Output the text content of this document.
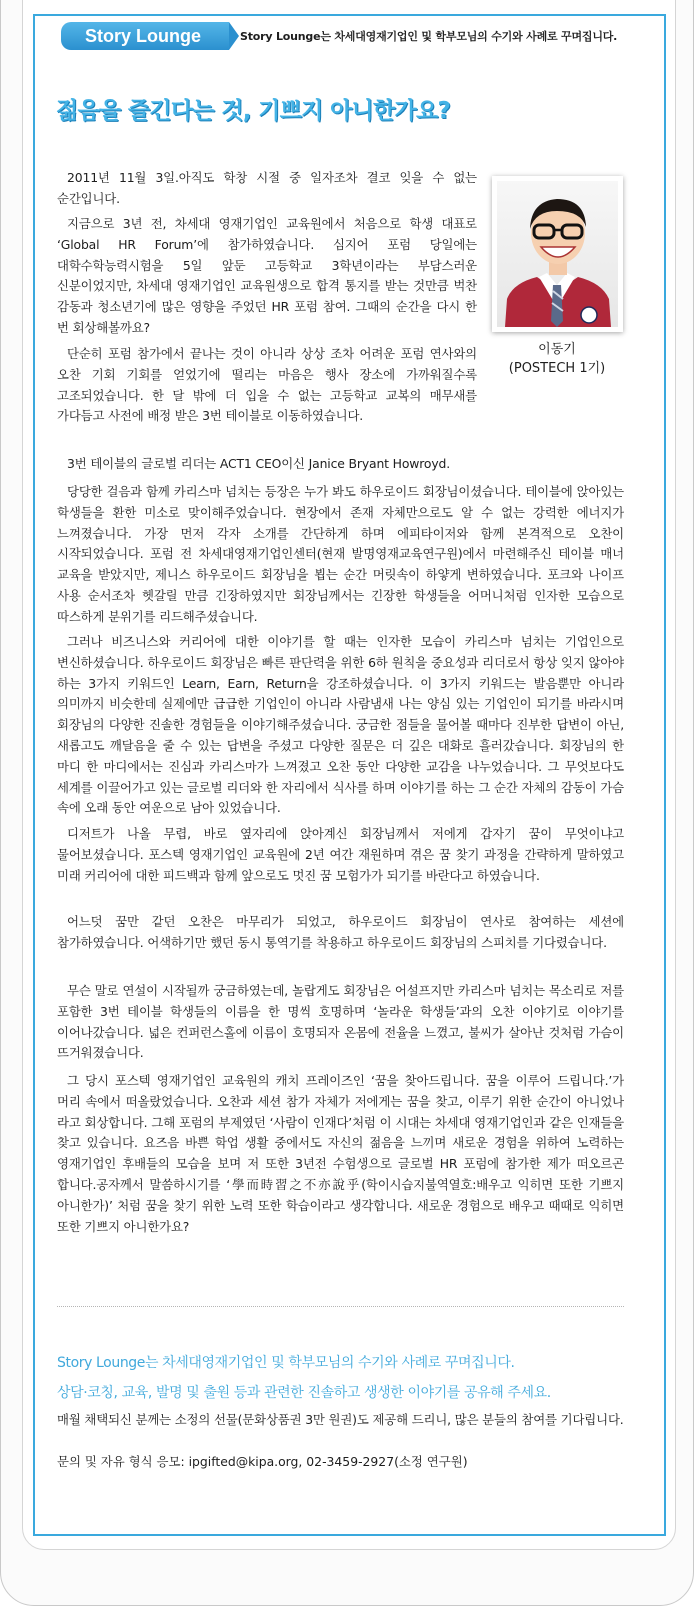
Story Lounge	Story Lounge는 차세대영재기업인 및 학부모님의 수기와 사례로 꾸며집니다.
젊음을 즐긴다는 것, 기쁘지 아니한가요?
이동기
(POSTECH 1기)

2011년 11월 3일.아직도 학창 시절 중 일자조차 결코 잊을 수 없는 순간입니다.

지금으로 3년 전, 차세대 영재기업인 교육원에서 처음으로 학생 대표로 ‘Global HR Forum’에 참가하였습니다. 심지어 포럼 당일에는 대학수학능력시험을 5일 앞둔 고등학교 3학년이라는 부담스러운 신분이었지만, 차세대 영재기업인 교육원생으로 합격 통지를 받는 것만큼 벅찬 감동과 청소년기에 많은 영향을 주었던 HR 포럼 참여. 그때의 순간을 다시 한 번 회상해볼까요?

단순히 포럼 참가에서 끝나는 것이 아니라 상상 조차 어려운 포럼 연사와의 오찬 기회 기회를 얻었기에 떨리는 마음은 행사 장소에 가까워질수록 고조되었습니다. 한 달 밖에 더 입을 수 없는 고등학교 교복의 매무새를 가다듬고 사전에 배정 받은 3번 테이블로 이동하였습니다.

3번 테이블의 글로벌 리더는 ACT1 CEO이신 Janice Bryant Howroyd.

당당한 걸음과 함께 카리스마 넘치는 등장은 누가 봐도 하우로이드 회장님이셨습니다. 테이블에 앉아있는 학생들을 환한 미소로 맞이해주었습니다. 현장에서 존재 자체만으로도 알 수 없는 강력한 에너지가 느껴졌습니다. 가장 먼저 각자 소개를 간단하게 하며 에피타이저와 함께 본격적으로 오찬이 시작되었습니다. 포럼 전 차세대영재기업인센터(현재 발명영재교육연구원)에서 마련해주신 테이블 매너 교육을 받았지만, 제니스 하우로이드 회장님을 뵙는 순간 머릿속이 하얗게 변하였습니다. 포크와 나이프 사용 순서조차 헷갈릴 만큼 긴장하였지만 회장님께서는 긴장한 학생들을 어머니처럼 인자한 모습으로 따스하게 분위기를 리드해주셨습니다.

그러나 비즈니스와 커리어에 대한 이야기를 할 때는 인자한 모습이 카리스마 넘치는 기업인으로 변신하셨습니다. 하우로이드 회장님은 빠른 판단력을 위한 6하 원칙을 중요성과 리더로서 항상 잊지 않아야 하는 3가지 키워드인 Learn, Earn, Return을 강조하셨습니다. 이 3가지 키워드는 발음뿐만 아니라 의미까지 비슷한데 실제에만 급급한 기업인이 아니라 사람냄새 나는 양심 있는 기업인이 되기를 바라시며 회장님의 다양한 진솔한 경험들을 이야기해주셨습니다. 궁금한 점들을 물어볼 때마다 진부한 답변이 아닌, 새롭고도 깨달음을 줄 수 있는 답변을 주셨고 다양한 질문은 더 깊은 대화로 흘러갔습니다. 회장님의 한 마디 한 마디에서는 진심과 카리스마가 느껴졌고 오찬 동안 다양한 교감을 나누었습니다. 그 무엇보다도 세계를 이끌어가고 있는 글로벌 리더와 한 자리에서 식사를 하며 이야기를 하는 그 순간 자체의 감동이 가슴 속에 오래 동안 여운으로 남아 있었습니다.

디저트가 나올 무렵, 바로 옆자리에 앉아계신 회장님께서 저에게 갑자기 꿈이 무엇이냐고 물어보셨습니다. 포스텍 영재기업인 교육원에 2년 여간 재원하며 겪은 꿈 찾기 과정을 간략하게 말하였고 미래 커리어에 대한 피드백과 함께 앞으로도 멋진 꿈 모험가가 되기를 바란다고 하였습니다.

어느덧 꿈만 같던 오찬은 마무리가 되었고, 하우로이드 회장님이 연사로 참여하는 세션에 참가하였습니다. 어색하기만 했던 동시 통역기를 착용하고 하우로이드 회장님의 스피치를 기다렸습니다.

무슨 말로 연설이 시작될까 궁금하였는데, 놀랍게도 회장님은 어설프지만 카리스마 넘치는 목소리로 저를 포함한 3번 테이블 학생들의 이름을 한 명씩 호명하며 ‘놀라운 학생들’과의 오찬 이야기로 이야기를 이어나갔습니다. 넓은 컨퍼런스홀에 이름이 호명되자 온몸에 전율을 느꼈고, 불씨가 살아난 것처럼 가슴이 뜨거워졌습니다.

그 당시 포스텍 영재기업인 교육원의 캐치 프레이즈인 ‘꿈을 찾아드립니다. 꿈을 이루어 드립니다.’가 머리 속에서 떠올랐었습니다. 오찬과 세션 참가 자체가 저에게는 꿈을 찾고, 이루기 위한 순간이 아니었나 라고 회상합니다. 그해 포럼의 부제였던 ‘사람이 인재다’처럼 이 시대는 차세대 영재기업인과 같은 인재들을 찾고 있습니다. 요즈음 바쁜 학업 생활 중에서도 자신의 젊음을 느끼며 새로운 경험을 위하여 노력하는 영재기업인 후배들의 모습을 보며 저 또한 3년전 수험생으로 글로벌 HR 포럼에 참가한 제가 떠오르곤 합니다.공자께서 말씀하시기를 ‘學而時習之不亦說乎(학이시습지불역열호:배우고 익히면 또한 기쁘지 아니한가)’ 처럼 꿈을 찾기 위한 노력 또한 학습이라고 생각합니다. 새로운 경험으로 배우고 때때로 익히면 또한 기쁘지 아니한가요?

Story Lounge는 차세대영재기업인 및 학부모님의 수기와 사례로 꾸며집니다.
상담·코칭, 교육, 발명 및 출원 등과 관련한 진솔하고 생생한 이야기를 공유해 주세요.
매월 채택되신 분께는 소정의 선물(문화상품권 3만 원권)도 제공해 드리니, 많은 분들의 참여를 기다립니다.
문의 및 자유 형식 응모: ipgifted@kipa.org, 02-3459-2927(소정 연구원)
